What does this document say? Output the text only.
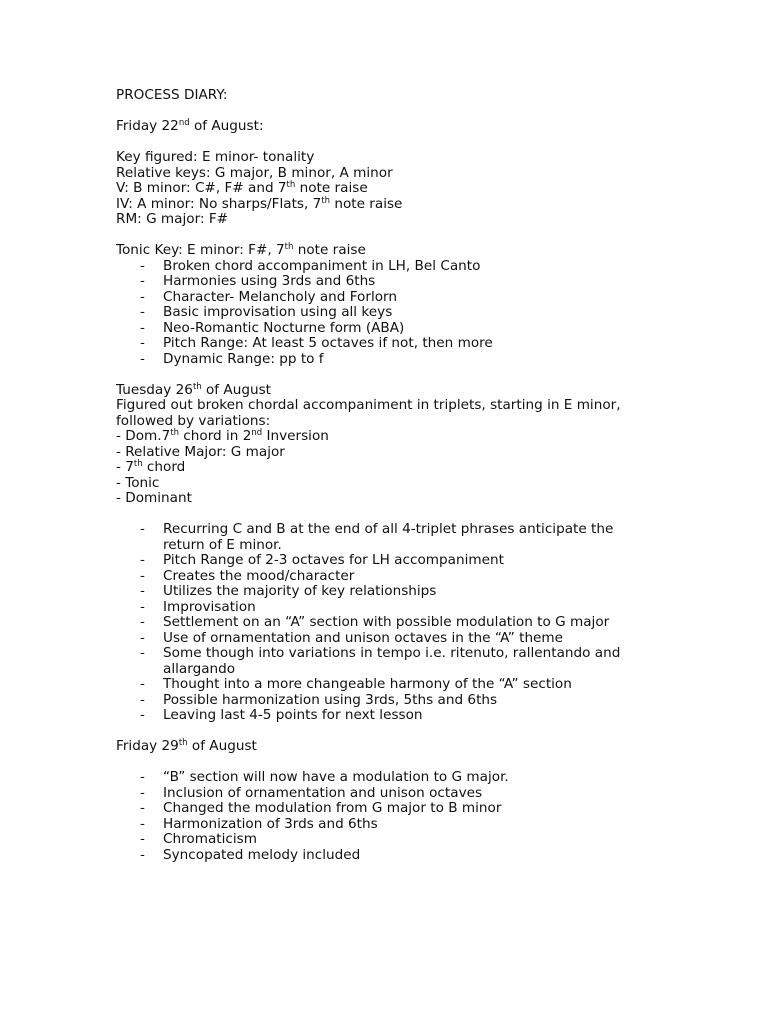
PROCESS DIARY:
Friday 22nd of August:
Key figured: E minor- tonality
Relative keys: G major, B minor, A minor
V: B minor: C#, F# and 7th note raise
IV: A minor: No sharps/Flats, 7th note raise
RM: G major: F#
Tonic Key: E minor: F#, 7th note raise
- Broken chord accompaniment in LH, Bel Canto
- Harmonies using 3rds and 6ths
- Character- Melancholy and Forlorn
- Basic improvisation using all keys
- Neo-Romantic Nocturne form (ABA)
- Pitch Range: At least 5 octaves if not, then more
- Dynamic Range: pp to f
Tuesday 26th of August
Figured out broken chordal accompaniment in triplets, starting in E minor,
followed by variations:
- Dom.7th chord in 2nd Inversion
- Relative Major: G major
- 7th chord
- Tonic
- Dominant
- Recurring C and B at the end of all 4-triplet phrases anticipate the return of E minor.
- Pitch Range of 2-3 octaves for LH accompaniment
- Creates the mood/character
- Utilizes the majority of key relationships
- Improvisation
- Settlement on an “A” section with possible modulation to G major
- Use of ornamentation and unison octaves in the “A” theme
- Some though into variations in tempo i.e. ritenuto, rallentando and allargando
- Thought into a more changeable harmony of the “A” section
- Possible harmonization using 3rds, 5ths and 6ths
- Leaving last 4-5 points for next lesson
Friday 29th of August
- “B” section will now have a modulation to G major.
- Inclusion of ornamentation and unison octaves
- Changed the modulation from G major to B minor
- Harmonization of 3rds and 6ths
- Chromaticism
- Syncopated melody included
